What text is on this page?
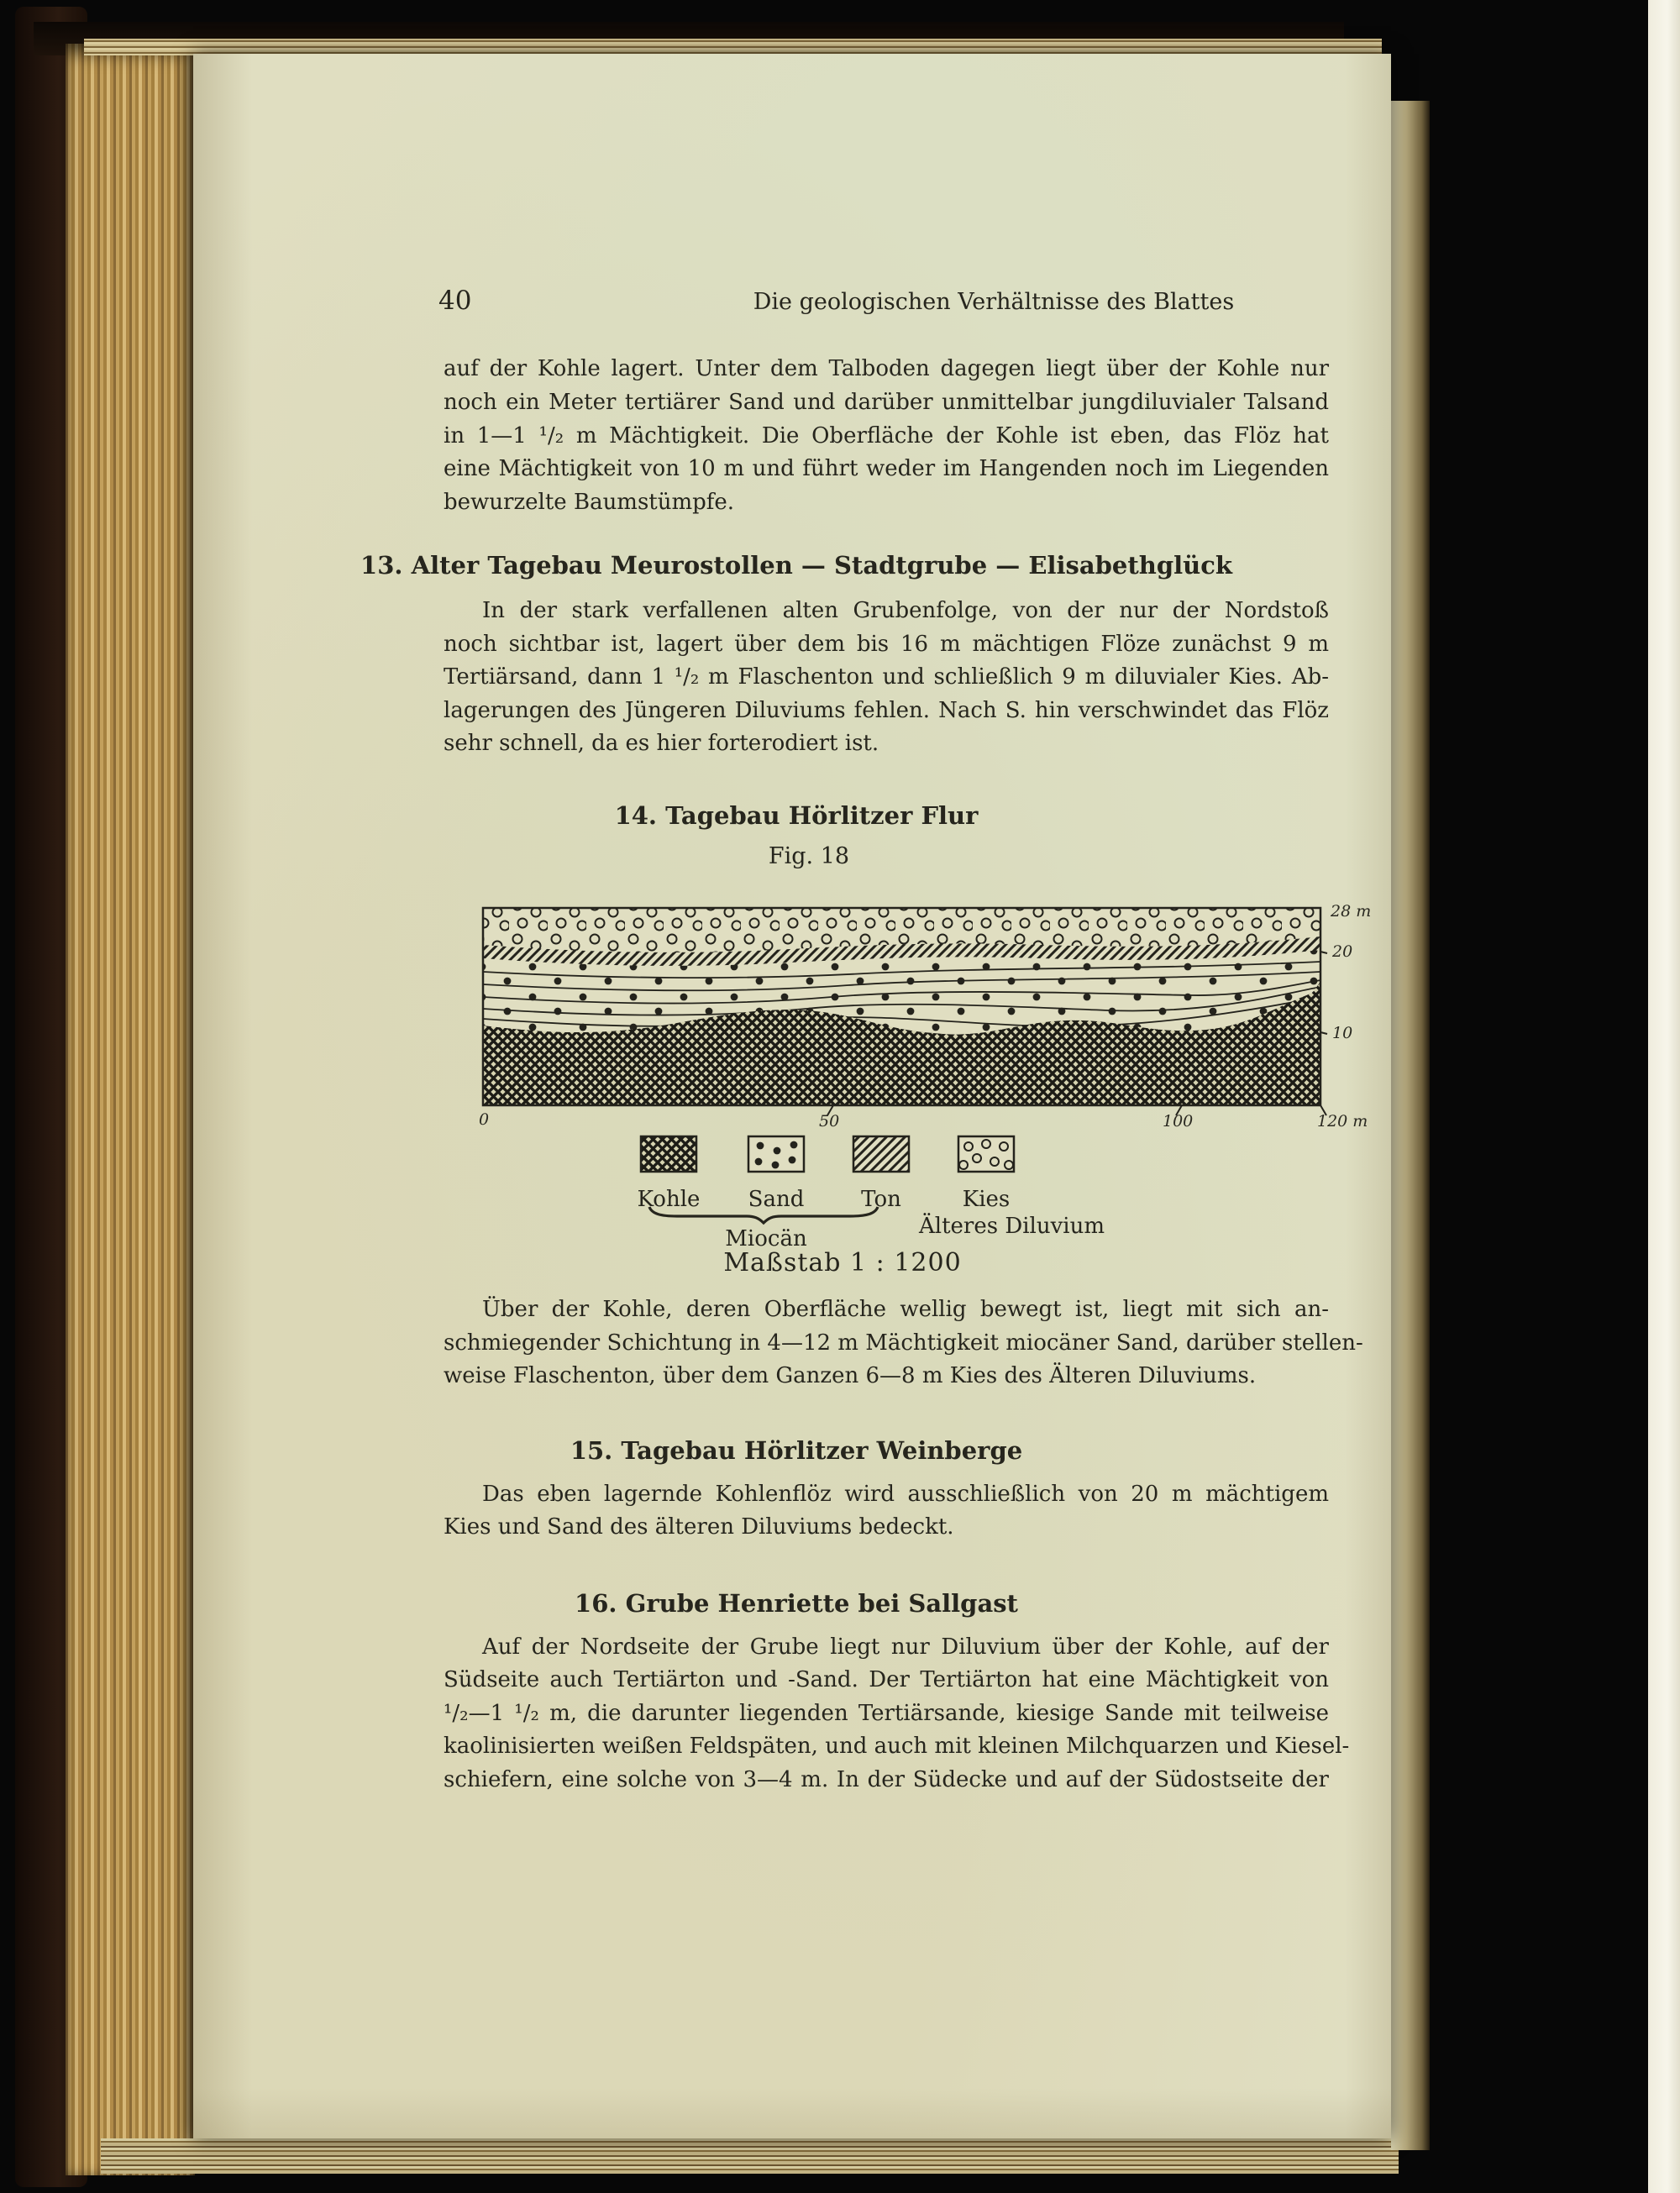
40	Die geologischen Verhältnisse des Blattes
auf der Kohle lagert. Unter dem Talboden dagegen liegt über der Kohle nur
noch ein Meter tertiärer Sand und darüber unmittelbar jungdiluvialer Talsand
in 1—1 ¹/₂ m Mächtigkeit. Die Oberfläche der Kohle ist eben, das Flöz hat
eine Mächtigkeit von 10 m und führt weder im Hangenden noch im Liegenden
bewurzelte Baumstümpfe.
13. Alter Tagebau Meurostollen — Stadtgrube — Elisabethglück
In der stark verfallenen alten Grubenfolge, von der nur der Nordstoß
noch sichtbar ist, lagert über dem bis 16 m mächtigen Flöze zunächst 9 m
Tertiärsand, dann 1 ¹/₂ m Flaschenton und schließlich 9 m diluvialer Kies. Ab-
lagerungen des Jüngeren Diluviums fehlen. Nach S. hin verschwindet das Flöz
sehr schnell, da es hier forterodiert ist.
14. Tagebau Hörlitzer Flur
Fig. 18
28 m
20
10
0	50	100	120 m
Kohle	Sand	Ton	Kies
Älteres Diluvium
Miocän
Maßstab 1 : 1200
Über der Kohle, deren Oberfläche wellig bewegt ist, liegt mit sich an-
schmiegender Schichtung in 4—12 m Mächtigkeit miocäner Sand, darüber stellen-
weise Flaschenton, über dem Ganzen 6—8 m Kies des Älteren Diluviums.
15. Tagebau Hörlitzer Weinberge
Das eben lagernde Kohlenflöz wird ausschließlich von 20 m mächtigem
Kies und Sand des älteren Diluviums bedeckt.
16. Grube Henriette bei Sallgast
Auf der Nordseite der Grube liegt nur Diluvium über der Kohle, auf der
Südseite auch Tertiärton und -Sand. Der Tertiärton hat eine Mächtigkeit von
¹/₂—1 ¹/₂ m, die darunter liegenden Tertiärsande, kiesige Sande mit teilweise
kaolinisierten weißen Feldspäten, und auch mit kleinen Milchquarzen und Kiesel-
schiefern, eine solche von 3—4 m. In der Südecke und auf der Südostseite der
